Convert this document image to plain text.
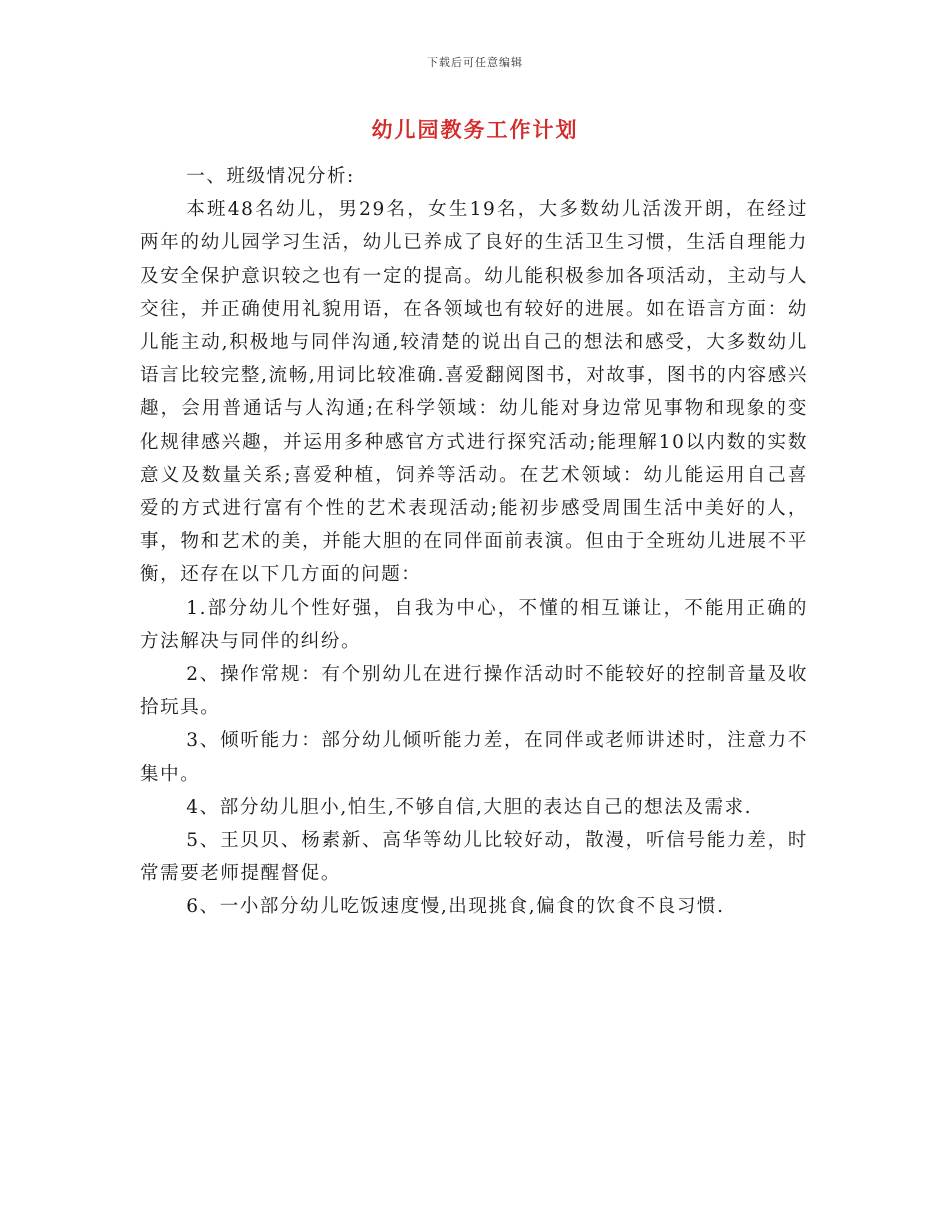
下载后可任意编辑
幼儿园教务工作计划

一、班级情况分析:

本班48名幼儿，男29名，女生19名，大多数幼儿活泼开朗，在经过两年的幼儿园学习生活，幼儿已养成了良好的生活卫生习惯，生活自理能力及安全保护意识较之也有一定的提高。幼儿能积极参加各项活动，主动与人交往，并正确使用礼貌用语，在各领域也有较好的进展。如在语言方面：幼儿能主动,积极地与同伴沟通,较清楚的说出自己的想法和感受，大多数幼儿语言比较完整,流畅,用词比较准确.喜爱翻阅图书，对故事，图书的内容感兴趣，会用普通话与人沟通;在科学领域：幼儿能对身边常见事物和现象的变化规律感兴趣，并运用多种感官方式进行探究活动;能理解10以内数的实数意义及数量关系;喜爱种植，饲养等活动。在艺术领域：幼儿能运用自己喜爱的方式进行富有个性的艺术表现活动;能初步感受周围生活中美好的人，事，物和艺术的美，并能大胆的在同伴面前表演。但由于全班幼儿进展不平衡，还存在以下几方面的问题：

1.部分幼儿个性好强，自我为中心，不懂的相互谦让，不能用正确的方法解决与同伴的纠纷。

2、操作常规：有个别幼儿在进行操作活动时不能较好的控制音量及收拾玩具。

3、倾听能力：部分幼儿倾听能力差，在同伴或老师讲述时，注意力不集中。

4、部分幼儿胆小,怕生,不够自信,大胆的表达自己的想法及需求.

5、王贝贝、杨素新、高华等幼儿比较好动，散漫，听信号能力差，时常需要老师提醒督促。

6、一小部分幼儿吃饭速度慢,出现挑食,偏食的饮食不良习惯.
